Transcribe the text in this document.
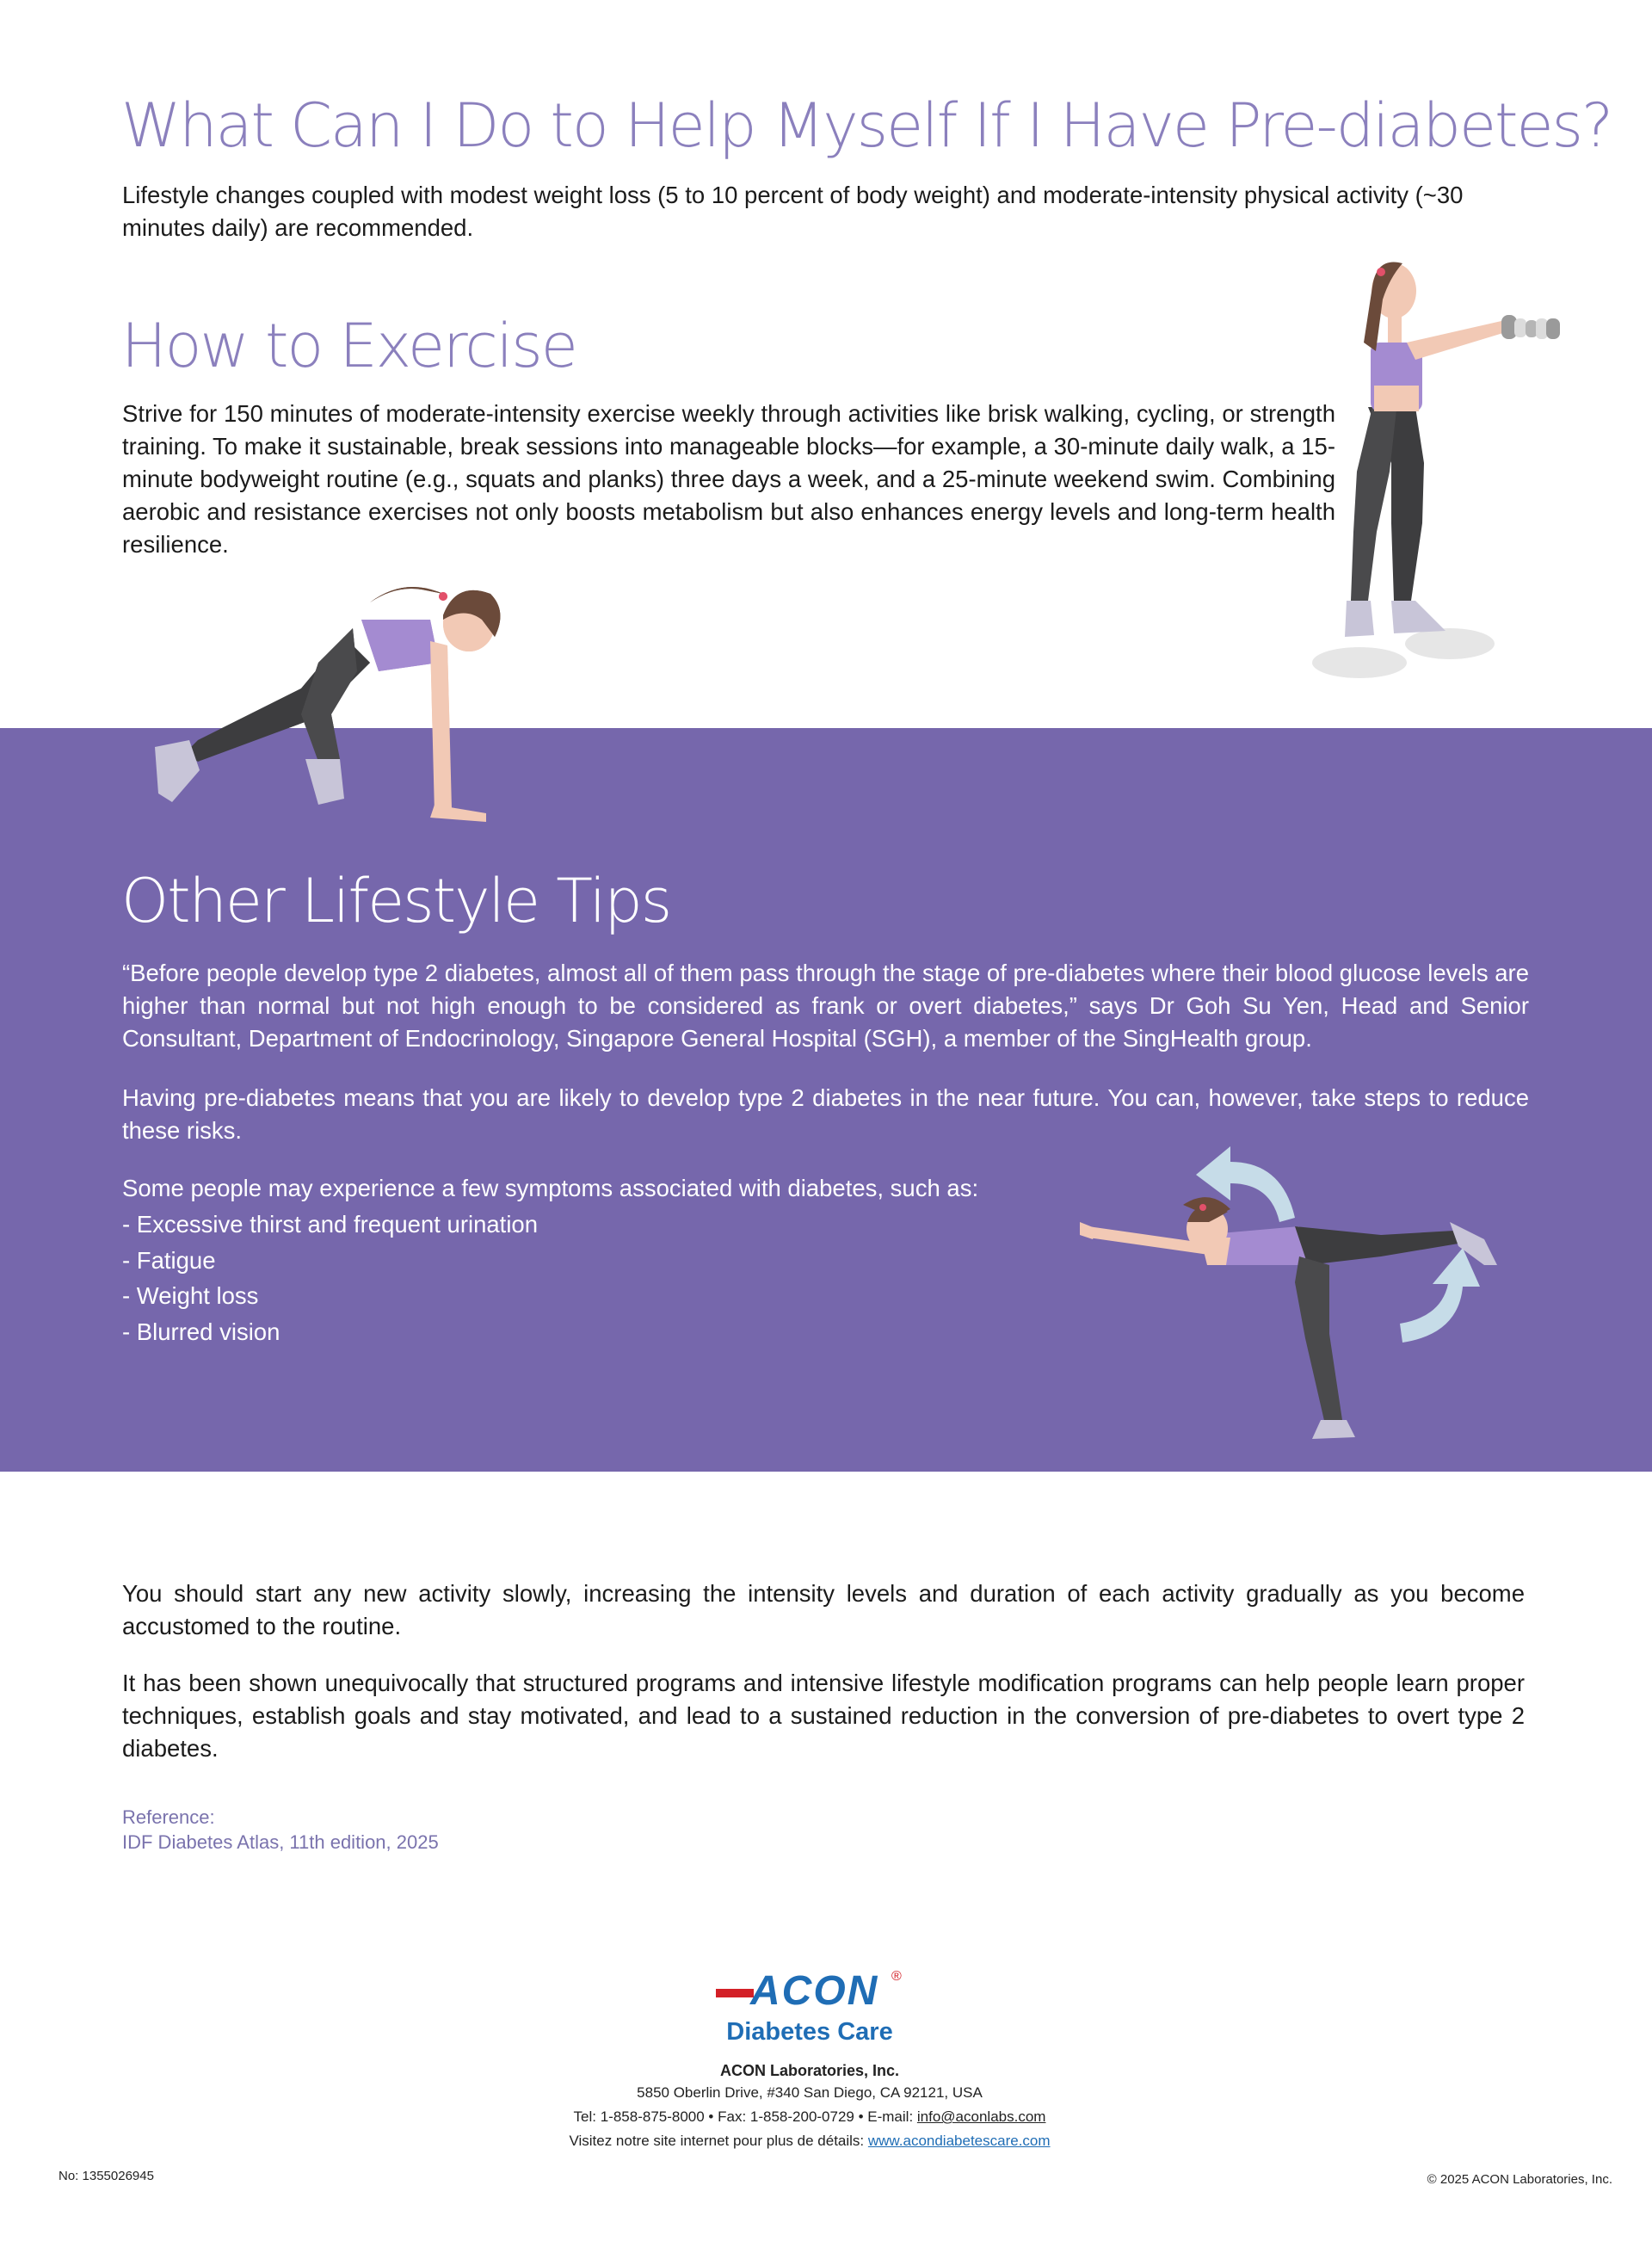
What Can I Do to Help Myself If I Have Pre-diabetes?

Lifestyle changes coupled with modest weight loss (5 to 10 percent of body weight) and moderate-intensity physical activity (~30 minutes daily) are recommended.

How to Exercise

Strive for 150 minutes of moderate-intensity exercise weekly through activities like brisk walking, cycling, or strength training. To make it sustainable, break sessions into manageable blocks—for example, a 30-minute daily walk, a 15-minute bodyweight routine (e.g., squats and planks) three days a week, and a 25-minute weekend swim. Combining aerobic and resistance exercises not only boosts metabolism but also enhances energy levels and long-term health resilience.

Other Lifestyle Tips

“Before people develop type 2 diabetes, almost all of them pass through the stage of pre-diabetes where their blood glucose levels are higher than normal but not high enough to be considered as frank or overt diabetes,” says Dr Goh Su Yen, Head and Senior Consultant, Department of Endocrinology, Singapore General Hospital (SGH), a member of the SingHealth group.

Having pre-diabetes means that you are likely to develop type 2 diabetes in the near future. You can, however, take steps to reduce these risks.

Some people may experience a few symptoms associated with diabetes, such as:

- Excessive thirst and frequent urination
- Fatigue
- Weight loss
- Blurred vision

You should start any new activity slowly, increasing the intensity levels and duration of each activity gradually as you become accustomed to the routine.

It has been shown unequivocally that structured programs and intensive lifestyle modification programs can help people learn proper techniques, establish goals and stay motivated, and lead to a sustained reduction in the conversion of pre-diabetes to overt type 2 diabetes.

Reference:
IDF Diabetes Atlas, 11th edition, 2025
ACON ®
Diabetes Care
ACON Laboratories, Inc.
5850 Oberlin Drive, #340 San Diego, CA 92121, USA
Tel: 1-858-875-8000 • Fax: 1-858-200-0729 • E-mail: info@aconlabs.com
Visitez notre site internet pour plus de détails: www.acondiabetescare.com
No: 1355026945	© 2025 ACON Laboratories, Inc.
